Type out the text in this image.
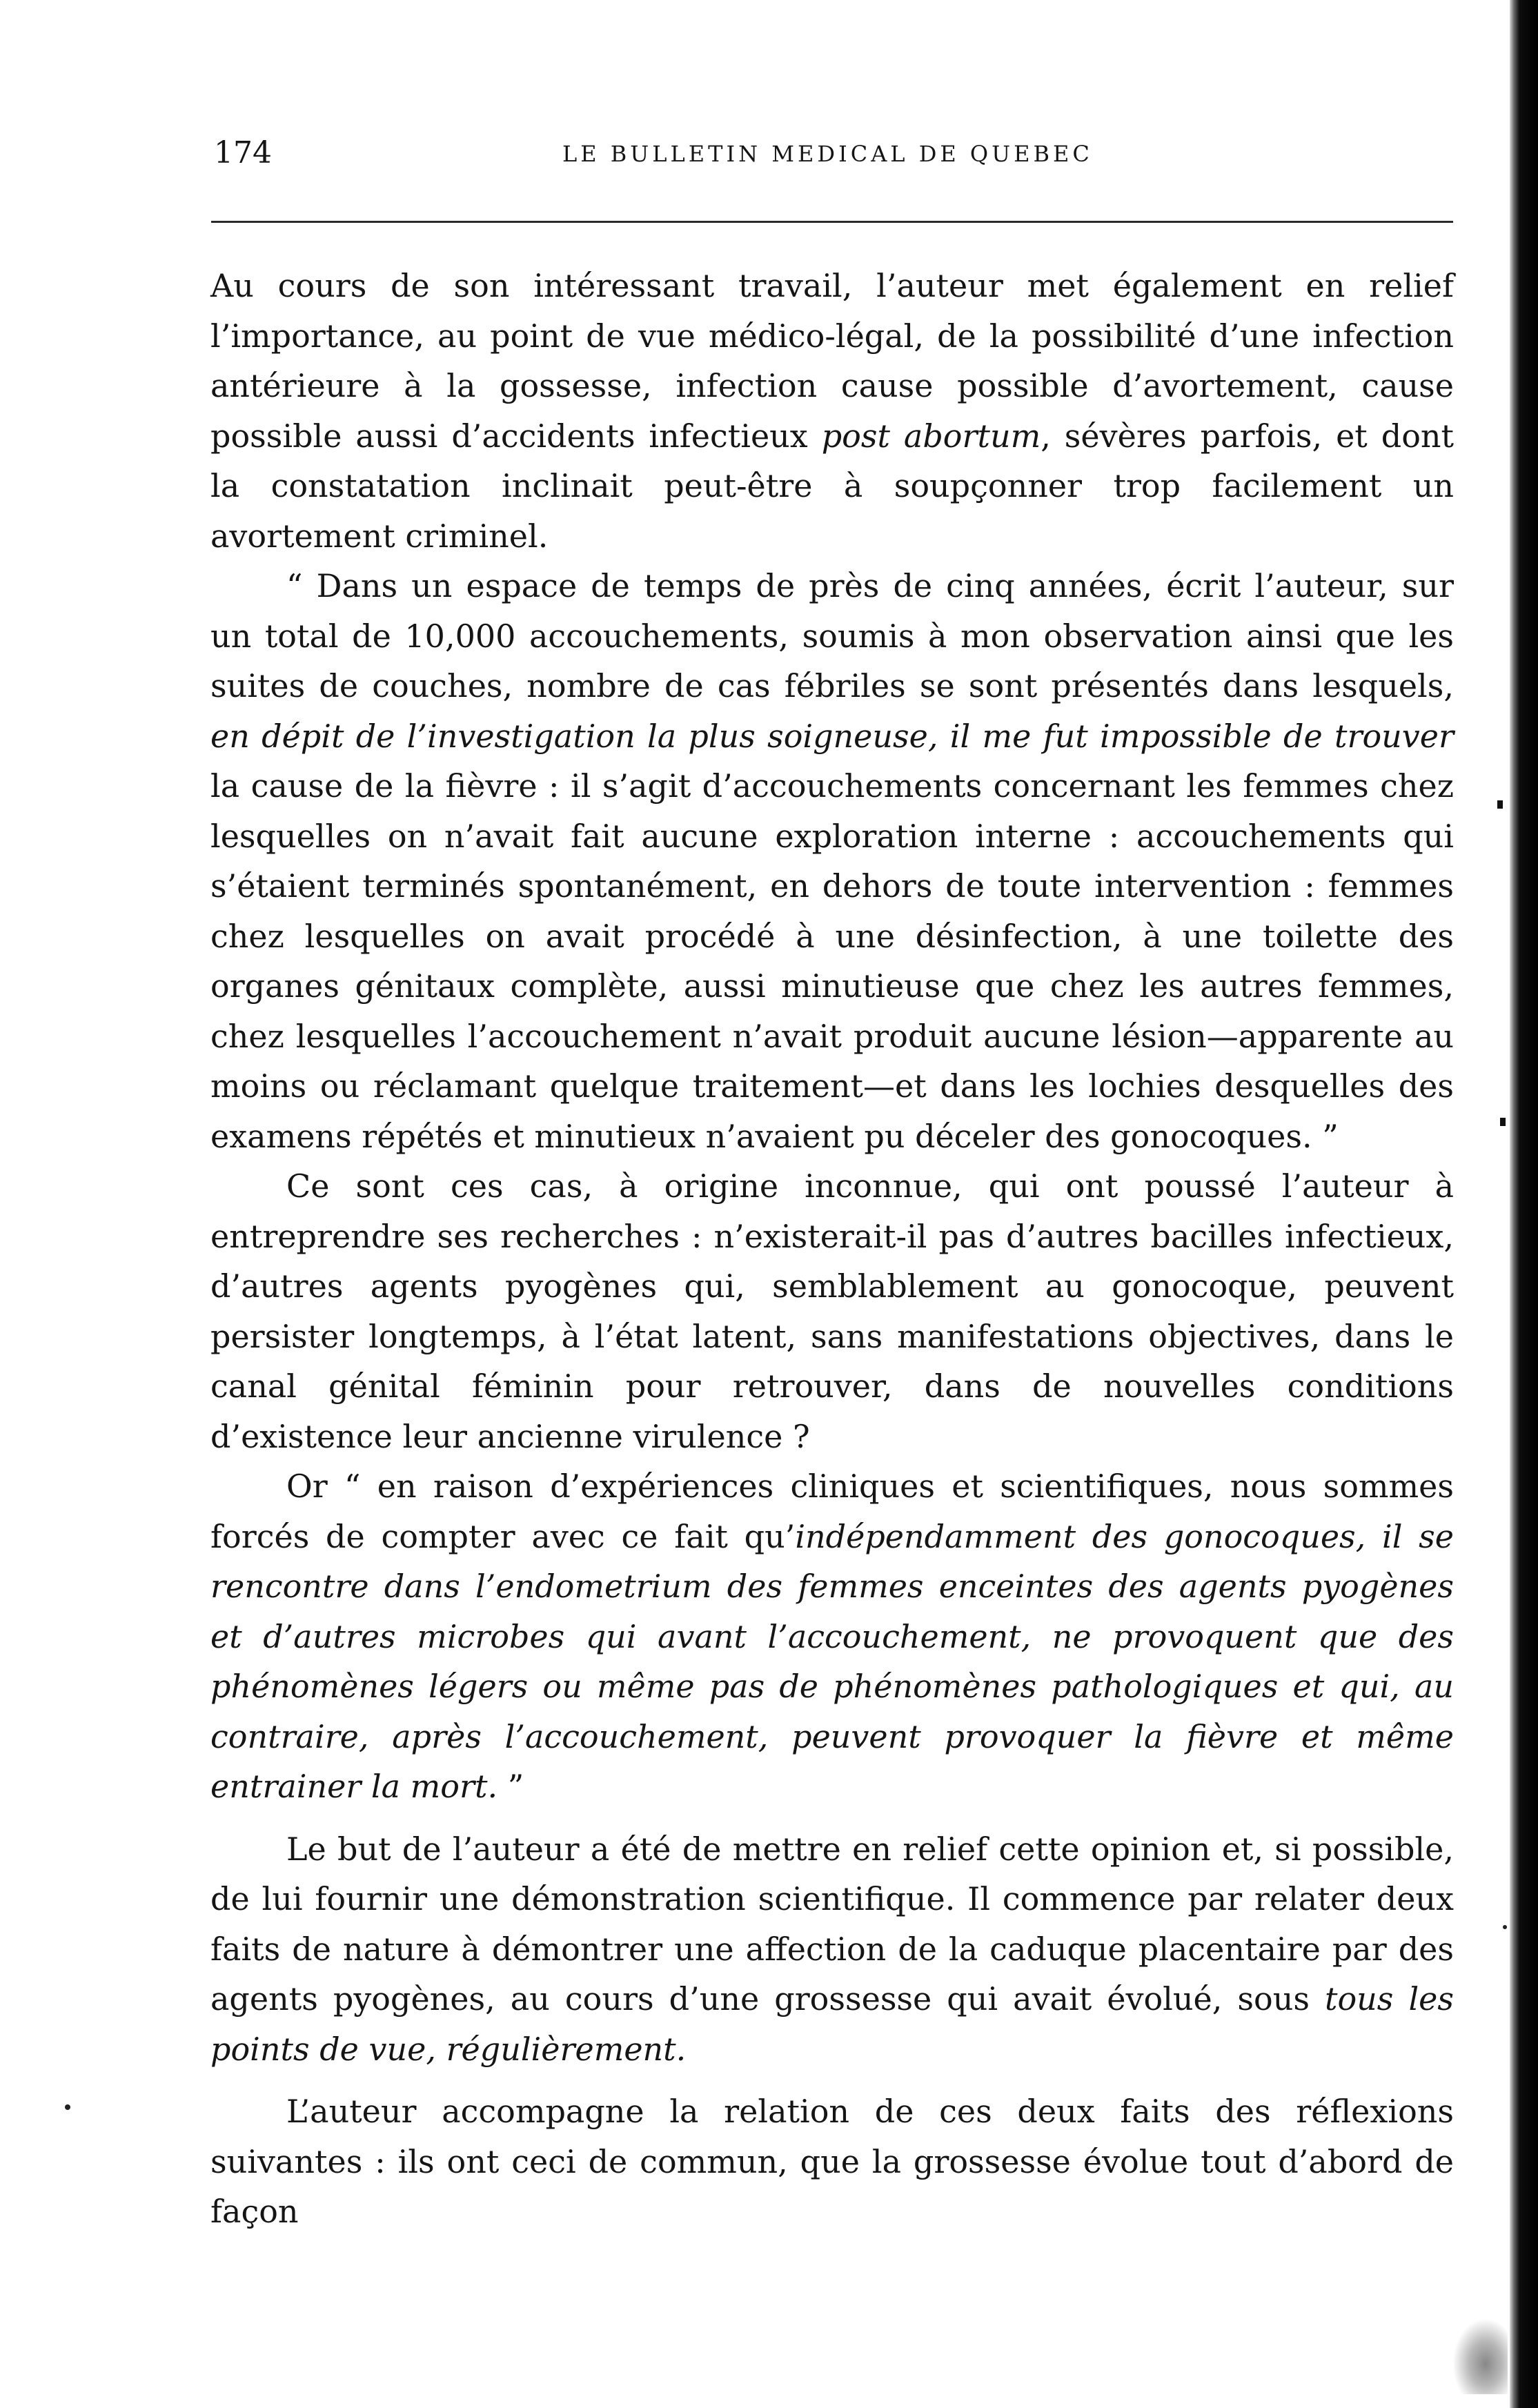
174	LE BULLETIN MEDICAL DE QUEBEC

Au cours de son intéressant travail, l’auteur met également en relief l’importance, au point de vue médico-légal, de la possibilité d’une infection antérieure à la gossesse, infection cause possible d’avortement, cause possible aussi d’accidents infectieux post abortum, sévères parfois, et dont la constatation inclinait peut-être à soupçonner trop facilement un avortement criminel.

“ Dans un espace de temps de près de cinq années, écrit l’auteur, sur un total de 10,000 accouchements, soumis à mon observation ainsi que les suites de couches, nombre de cas fébriles se sont présentés dans lesquels, en dépit de l’investigation la plus soigneuse, il me fut impossible de trouver la cause de la fièvre : il s’agit d’accouchements concernant les femmes chez lesquelles on n’avait fait aucune exploration interne : accouchements qui s’étaient terminés spontanément, en dehors de toute intervention : femmes chez lesquelles on avait procédé à une désinfection, à une toilette des organes génitaux complète, aussi minutieuse que chez les autres femmes, chez lesquelles l’accouchement n’avait produit aucune lésion—apparente au moins ou réclamant quelque traitement—et dans les lochies desquelles des examens répétés et minutieux n’avaient pu déceler des gonocoques. ”

Ce sont ces cas, à origine inconnue, qui ont poussé l’auteur à entreprendre ses recherches : n’existerait-il pas d’autres bacilles infectieux, d’autres agents pyogènes qui, semblablement au gonocoque, peuvent persister longtemps, à l’état latent, sans manifestations objectives, dans le canal génital féminin pour retrouver, dans de nouvelles conditions d’existence leur ancienne virulence ?

Or “ en raison d’expériences cliniques et scientifiques, nous sommes forcés de compter avec ce fait qu’indépendamment des gonocoques, il se rencontre dans l’endometrium des femmes enceintes des agents pyogènes et d’autres microbes qui avant l’accouchement, ne provoquent que des phénomènes légers ou même pas de phénomènes pathologiques et qui, au contraire, après l’accouchement, peuvent provoquer la fièvre et même entrainer la mort. ”

Le but de l’auteur a été de mettre en relief cette opinion et, si possible, de lui fournir une démonstration scientifique. Il commence par relater deux faits de nature à démontrer une affection de la caduque placentaire par des agents pyogènes, au cours d’une grossesse qui avait évolué, sous tous les points de vue, régulièrement.

L’auteur accompagne la relation de ces deux faits des réflexions suivantes : ils ont ceci de commun, que la grossesse évolue tout d’abord de façon
